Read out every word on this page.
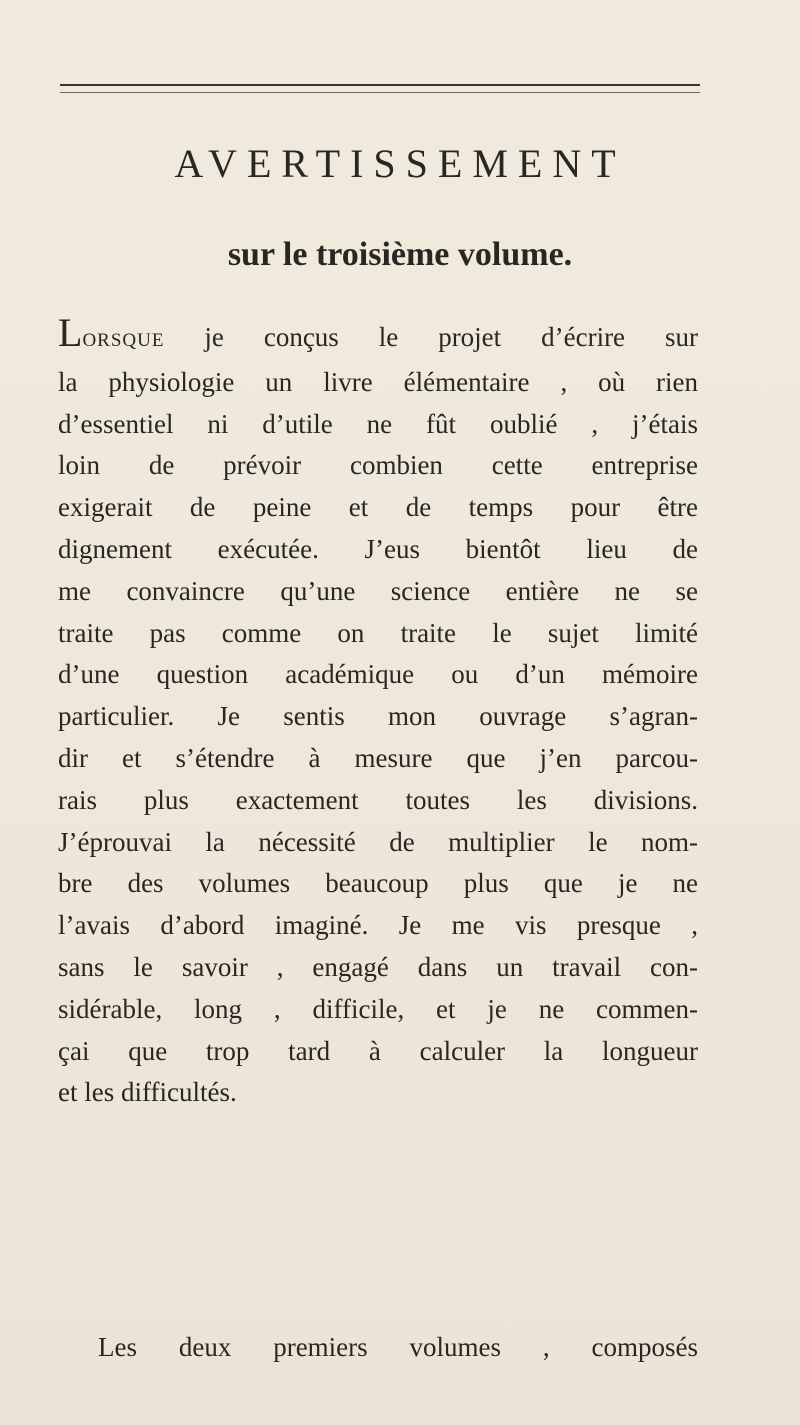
AVERTISSEMENT
sur le troisième volume.
LORSQUE je conçus le projet d’écrire sur
la physiologie un livre élémentaire , où rien
d’essentiel ni d’utile ne fût oublié , j’étais
loin de prévoir combien cette entreprise
exigerait de peine et de temps pour être
dignement exécutée. J’eus bientôt lieu de
me convaincre qu’une science entière ne se
traite pas comme on traite le sujet limité
d’une question académique ou d’un mémoire
particulier. Je sentis mon ouvrage s’agran-
dir et s’étendre à mesure que j’en parcou-
rais plus exactement toutes les divisions.
J’éprouvai la nécessité de multiplier le nom-
bre des volumes beaucoup plus que je ne
l’avais d’abord imaginé. Je me vis presque ,
sans le savoir , engagé dans un travail con-
sidérable, long , difficile, et je ne commen-
çai que trop tard à calculer la longueur
et les difficultés.
Les deux premiers volumes , composés
